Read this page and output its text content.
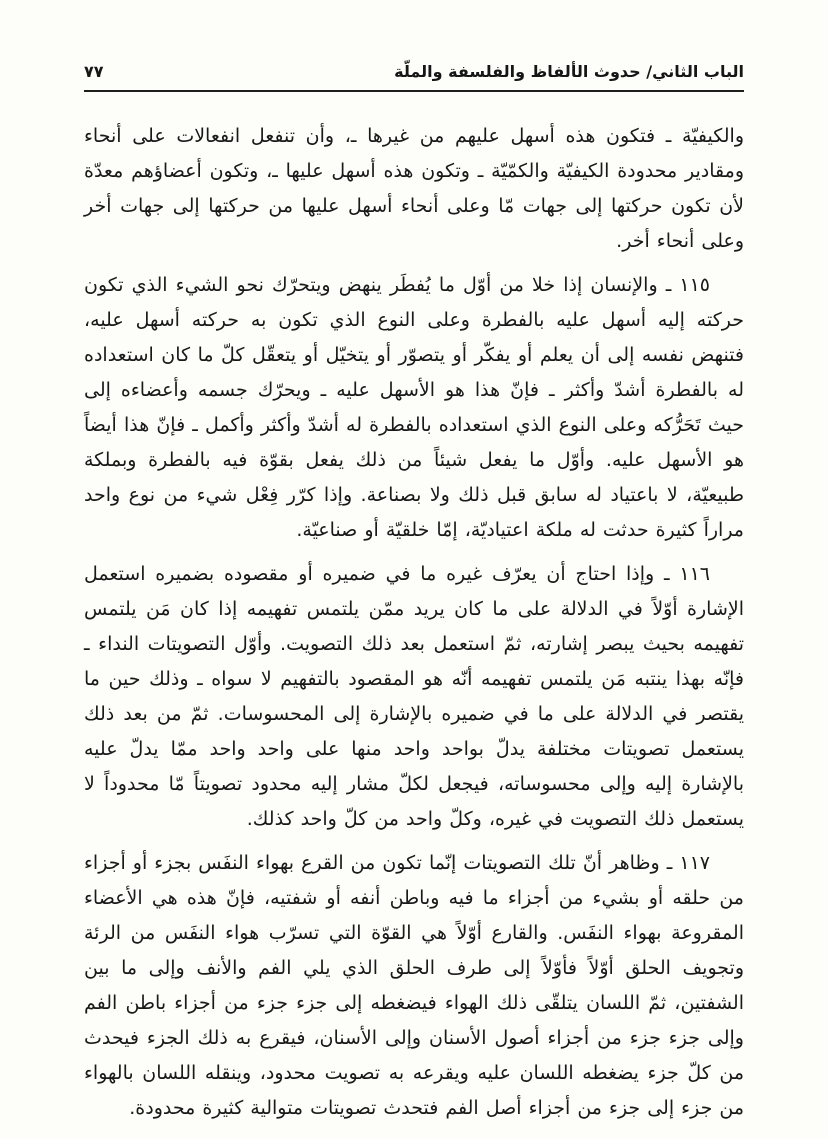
الباب الثاني/ حدوث الألفاظ والفلسفة والملّة
٧٧

والكيفيّة ـ فتكون هذه أسهل عليهم من غيرها ـ، وأن تنفعل انفعالات على أنحاء ومقادير محدودة الكيفيّة والكمّيّة ـ وتكون هذه أسهل عليها ـ، وتكون أعضاؤهم معدّة لأن تكون حركتها إلى جهات مّا وعلى أنحاء أسهل عليها من حركتها إلى جهات أخر وعلى أنحاء أخر.

١١٥ ـ والإنسان إذا خلا من أوّل ما يُفطَر ينهض ويتحرّك نحو الشيء الذي تكون حركته إليه أسهل عليه بالفطرة وعلى النوع الذي تكون به حركته أسهل عليه، فتنهض نفسه إلى أن يعلم أو يفكّر أو يتصوّر أو يتخيّل أو يتعقّل كلّ ما كان استعداده له بالفطرة أشدّ وأكثر ـ فإنّ هذا هو الأسهل عليه ـ ويحرّك جسمه وأعضاءه إلى حيث تَحَرُّكه وعلى النوع الذي استعداده بالفطرة له أشدّ وأكثر وأكمل ـ فإنّ هذا أيضاً هو الأسهل عليه. وأوّل ما يفعل شيئاً من ذلك يفعل بقوّة فيه بالفطرة وبملكة طبيعيّة، لا باعتياد له سابق قبل ذلك ولا بصناعة. وإذا كرّر فِعْل شيء من نوع واحد مراراً كثيرة حدثت له ملكة اعتياديّة، إمّا خلقيّة أو صناعيّة.

١١٦ ـ وإذا احتاج أن يعرّف غيره ما في ضميره أو مقصوده بضميره استعمل الإشارة أوّلاً في الدلالة على ما كان يريد ممّن يلتمس تفهيمه إذا كان مَن يلتمس تفهيمه بحيث يبصر إشارته، ثمّ استعمل بعد ذلك التصويت. وأوّل التصويتات النداء ـ فإنّه بهذا ينتبه مَن يلتمس تفهيمه أنّه هو المقصود بالتفهيم لا سواه ـ وذلك حين ما يقتصر في الدلالة على ما في ضميره بالإشارة إلى المحسوسات. ثمّ من بعد ذلك يستعمل تصويتات مختلفة يدلّ بواحد واحد منها على واحد واحد ممّا يدلّ عليه بالإشارة إليه وإلى محسوساته، فيجعل لكلّ مشار إليه محدود تصويتاً مّا محدوداً لا يستعمل ذلك التصويت في غيره، وكلّ واحد من كلّ واحد كذلك.

١١٧ ـ وظاهر أنّ تلك التصويتات إنّما تكون من القرع بهواء النفَس بجزء أو أجزاء من حلقه أو بشيء من أجزاء ما فيه وباطن أنفه أو شفتيه، فإنّ هذه هي الأعضاء المقروعة بهواء النفَس. والقارع أوّلاً هي القوّة التي تسرّب هواء النفَس من الرئة وتجويف الحلق أوّلاً فأوّلاً إلى طرف الحلق الذي يلي الفم والأنف وإلى ما بين الشفتين، ثمّ اللسان يتلقّى ذلك الهواء فيضغطه إلى جزء جزء من أجزاء باطن الفم وإلى جزء جزء من أجزاء أصول الأسنان وإلى الأسنان، فيقرع به ذلك الجزء فيحدث من كلّ جزء يضغطه اللسان عليه ويقرعه به تصويت محدود، وينقله اللسان بالهواء من جزء إلى جزء من أجزاء أصل الفم فتحدث تصويتات متوالية كثيرة محدودة.
